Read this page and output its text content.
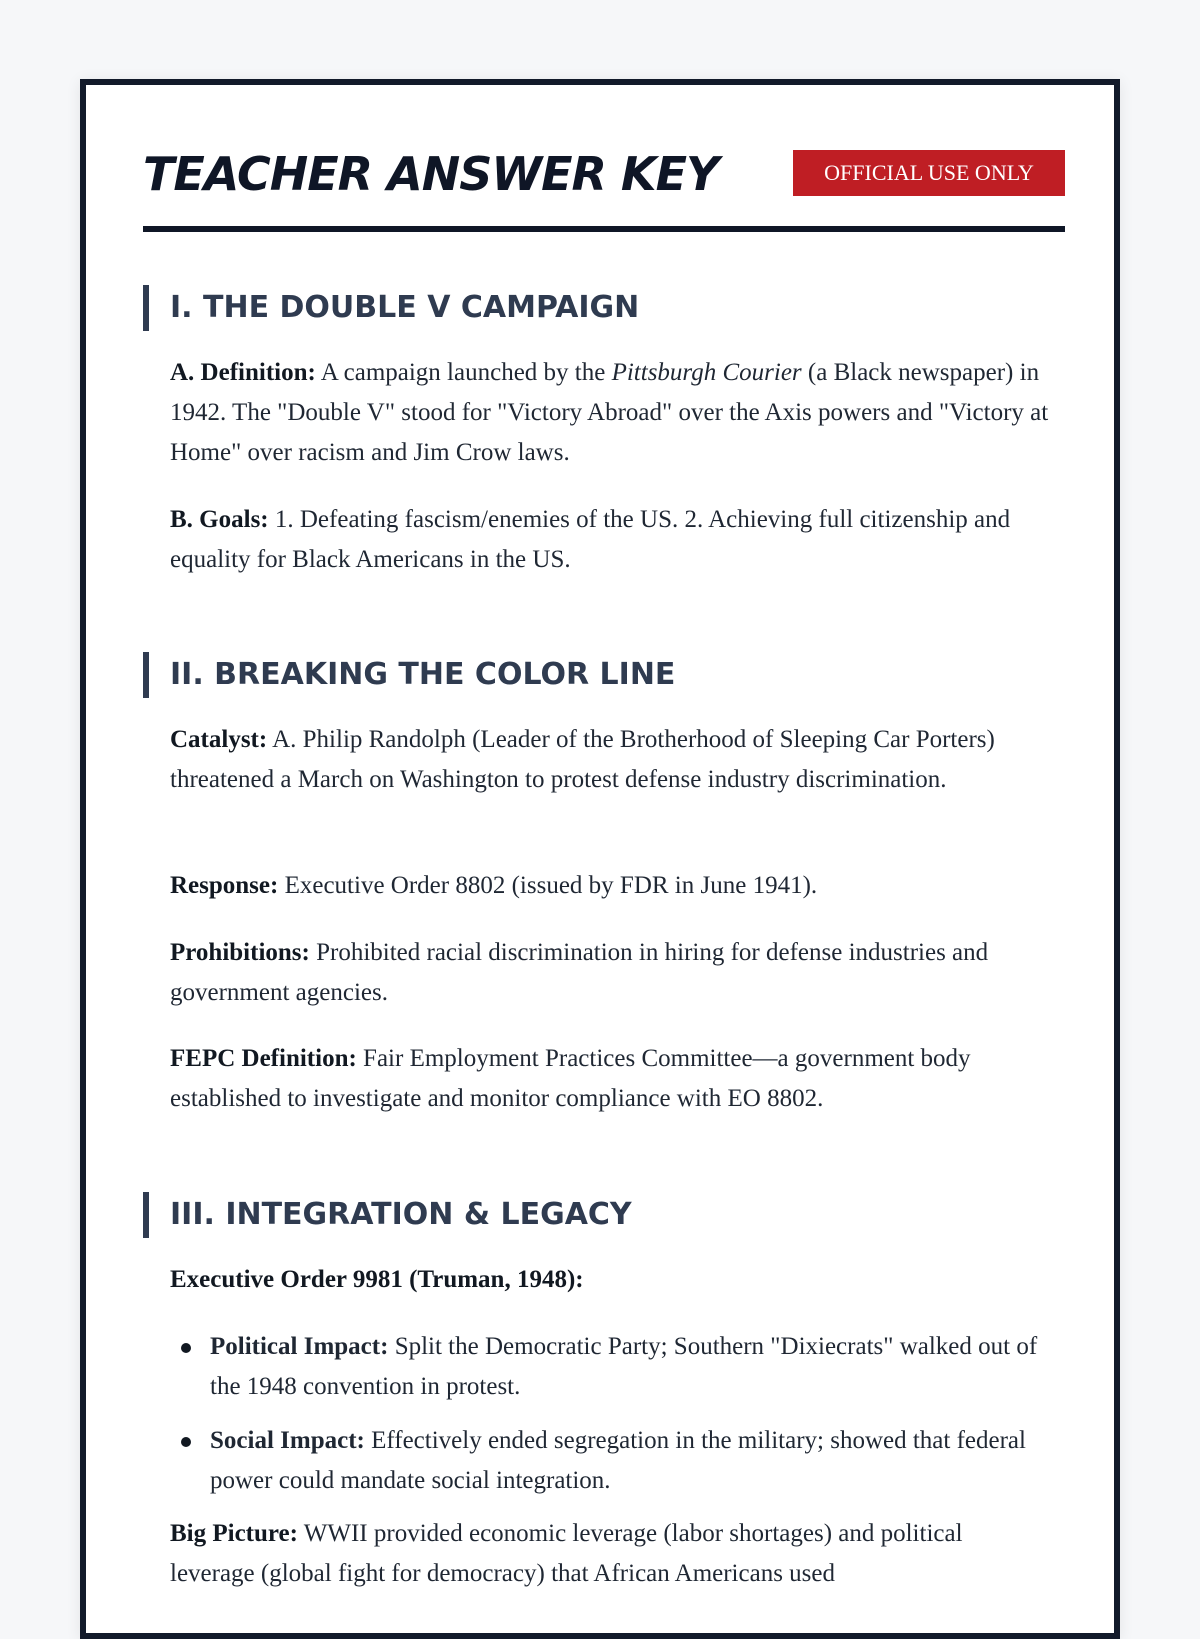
TEACHER ANSWER KEY	OFFICIAL USE ONLY
I. THE DOUBLE V CAMPAIGN

A. Definition: A campaign launched by the Pittsburgh Courier (a Black newspaper) in 1942. The "Double V" stood for "Victory Abroad" over the Axis powers and "Victory at Home" over racism and Jim Crow laws.

B. Goals: 1. Defeating fascism/enemies of the US. 2. Achieving full citizenship and equality for Black Americans in the US.

II. BREAKING THE COLOR LINE

Catalyst: A. Philip Randolph (Leader of the Brotherhood of Sleeping Car Porters) threatened a March on Washington to protest defense industry discrimination.

Response: Executive Order 8802 (issued by FDR in June 1941).

Prohibitions: Prohibited racial discrimination in hiring for defense industries and government agencies.

FEPC Definition: Fair Employment Practices Committee—a government body established to investigate and monitor compliance with EO 8802.

III. INTEGRATION & LEGACY

Executive Order 9981 (Truman, 1948):

Political Impact: Split the Democratic Party; Southern "Dixiecrats" walked out of the 1948 convention in protest.
Social Impact: Effectively ended segregation in the military; showed that federal power could mandate social integration.

Big Picture: WWII provided economic leverage (labor shortages) and political leverage (global fight for democracy) that African Americans used
